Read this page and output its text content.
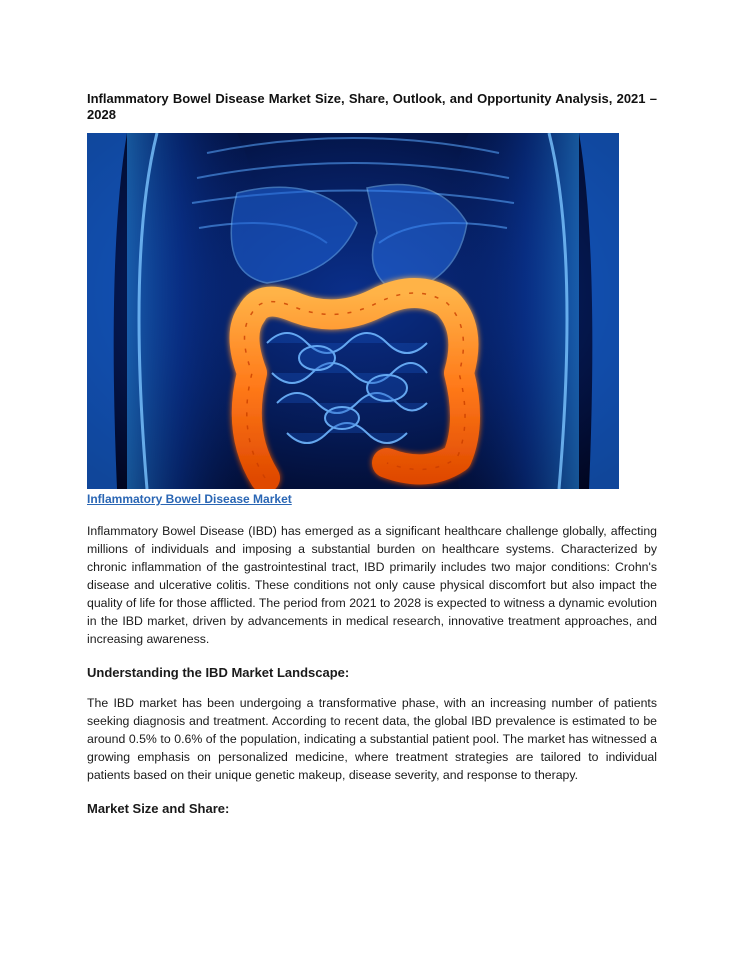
Inflammatory Bowel Disease Market Size, Share, Outlook, and Opportunity Analysis, 2021 – 2028
Inflammatory Bowel Disease Market

Inflammatory Bowel Disease (IBD) has emerged as a significant healthcare challenge globally, affecting millions of individuals and imposing a substantial burden on healthcare systems. Characterized by chronic inflammation of the gastrointestinal tract, IBD primarily includes two major conditions: Crohn's disease and ulcerative colitis. These conditions not only cause physical discomfort but also impact the quality of life for those afflicted. The period from 2021 to 2028 is expected to witness a dynamic evolution in the IBD market, driven by advancements in medical research, innovative treatment approaches, and increasing awareness.

Understanding the IBD Market Landscape:

The IBD market has been undergoing a transformative phase, with an increasing number of patients seeking diagnosis and treatment. According to recent data, the global IBD prevalence is estimated to be around 0.5% to 0.6% of the population, indicating a substantial patient pool. The market has witnessed a growing emphasis on personalized medicine, where treatment strategies are tailored to individual patients based on their unique genetic makeup, disease severity, and response to therapy.

Market Size and Share:
